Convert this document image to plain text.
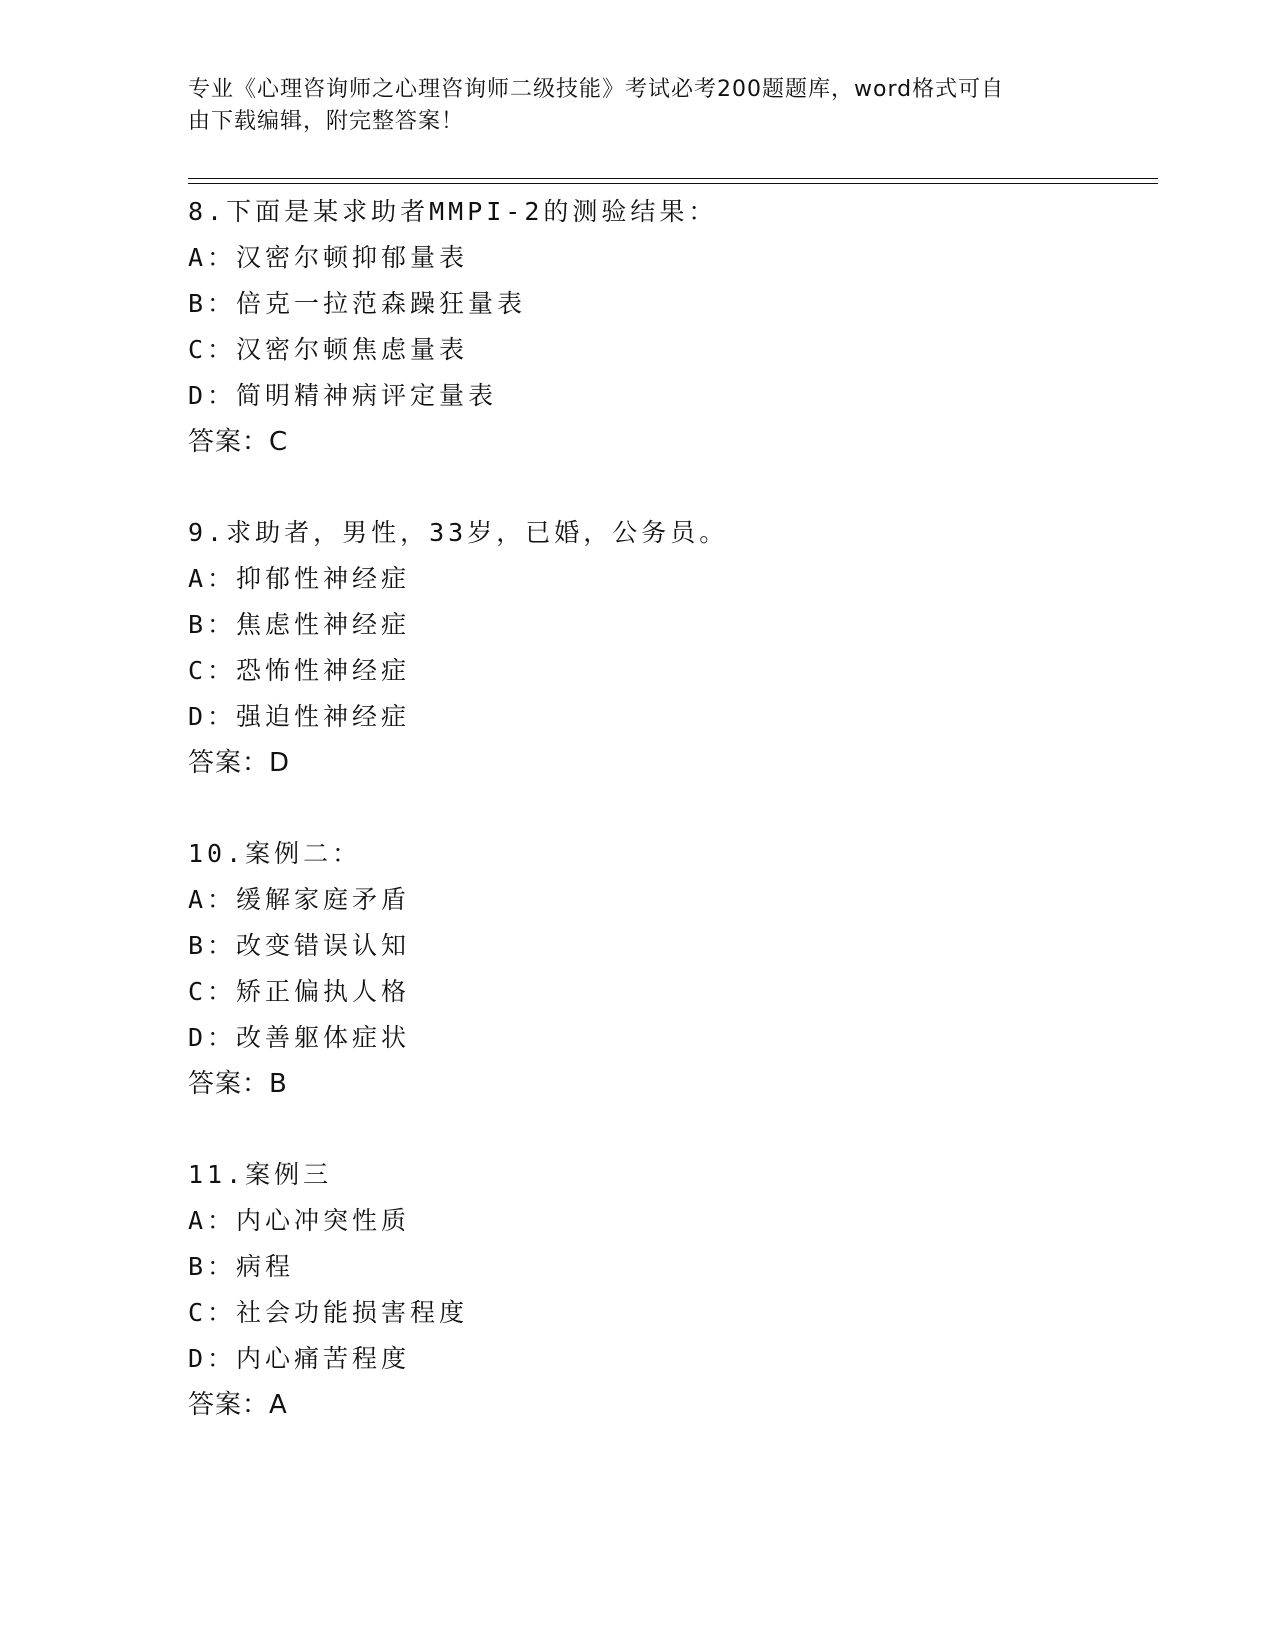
专业《心理咨询师之心理咨询师二级技能》考试必考200题题库，word格式可自
由下载编辑，附完整答案！
8.下面是某求助者MMPI-2的测验结果：
A：汉密尔顿抑郁量表
B：倍克一拉范森躁狂量表
C：汉密尔顿焦虑量表
D：简明精神病评定量表
答案：C
9.求助者，男性，33岁，已婚，公务员。
A：抑郁性神经症
B：焦虑性神经症
C：恐怖性神经症
D：强迫性神经症
答案：D
10.案例二：
A：缓解家庭矛盾
B：改变错误认知
C：矫正偏执人格
D：改善躯体症状
答案：B
11.案例三
A：内心冲突性质
B：病程
C：社会功能损害程度
D：内心痛苦程度
答案：A
